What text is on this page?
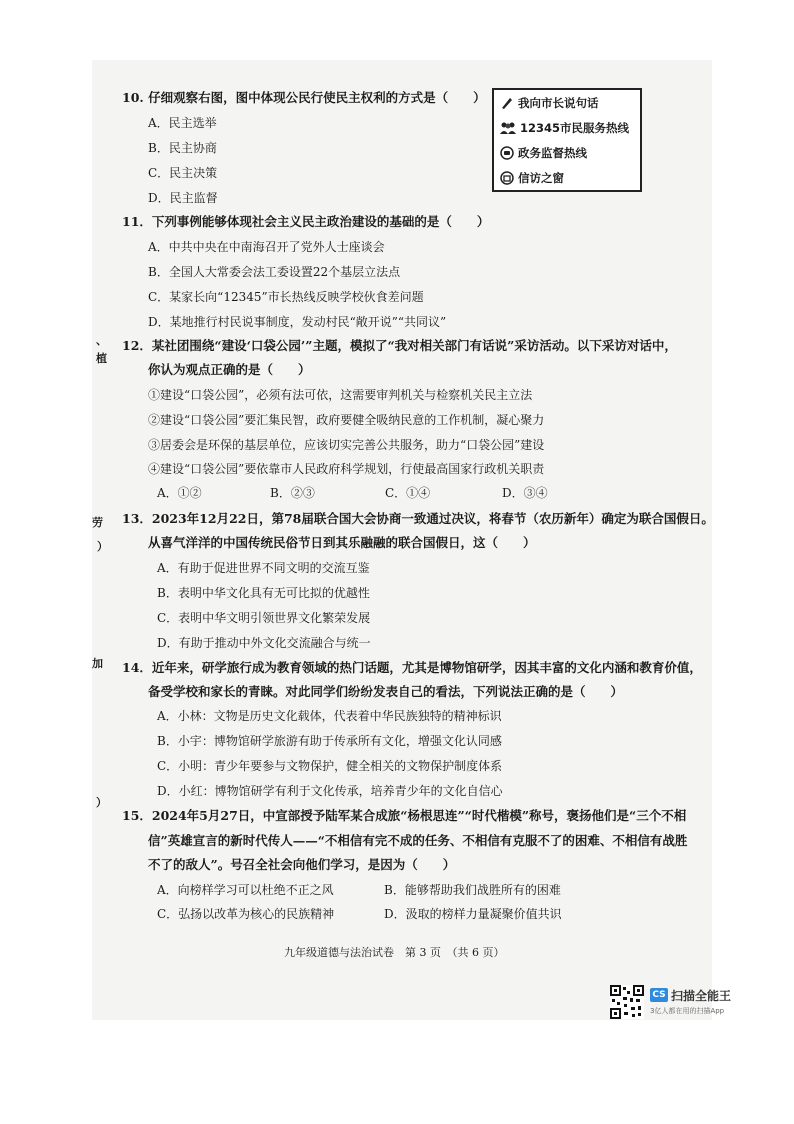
、
植
劳
）
加
）
10. 仔细观察右图，图中体现公民行使民主权利的方式是（　　）
A．民主选举
B．民主协商
C．民主决策
D．民主监督
我向市长说句话
12345市民服务热线
政务监督热线
信访之窗
11．下列事例能够体现社会主义民主政治建设的基础的是（　　）
A．中共中央在中南海召开了党外人士座谈会
B．全国人大常委会法工委设置22个基层立法点
C．某家长向“12345”市长热线反映学校伙食差问题
D．某地推行村民说事制度，发动村民“敞开说”“共同议”
12．某社团围绕“建设‘口袋公园’”主题，模拟了“我对相关部门有话说”采访活动。以下采访对话中，
你认为观点正确的是（　　）
①建设“口袋公园”，必须有法可依，这需要审判机关与检察机关民主立法
②建设“口袋公园”要汇集民智，政府要健全吸纳民意的工作机制，凝心聚力
③居委会是环保的基层单位，应该切实完善公共服务，助力“口袋公园”建设
④建设“口袋公园”要依靠市人民政府科学规划，行使最高国家行政机关职责
A．①②	B．②③	C．①④	D．③④
13．2023年12月22日，第78届联合国大会协商一致通过决议，将春节（农历新年）确定为联合国假日。
从喜气洋洋的中国传统民俗节日到其乐融融的联合国假日，这（　　）
A．有助于促进世界不同文明的交流互鉴
B．表明中华文化具有无可比拟的优越性
C．表明中华文明引领世界文化繁荣发展
D．有助于推动中外文化交流融合与统一
14．近年来，研学旅行成为教育领域的热门话题，尤其是博物馆研学，因其丰富的文化内涵和教育价值，
备受学校和家长的青睐。对此同学们纷纷发表自己的看法，下列说法正确的是（　　）
A．小林：文物是历史文化载体，代表着中华民族独特的精神标识
B．小宇：博物馆研学旅游有助于传承所有文化，增强文化认同感
C．小明：青少年要参与文物保护，健全相关的文物保护制度体系
D．小红：博物馆研学有利于文化传承，培养青少年的文化自信心
15．2024年5月27日，中宣部授予陆军某合成旅“杨根思连”“时代楷模”称号，褒扬他们是“三个不相
信”英雄宣言的新时代传人——“不相信有完不成的任务、不相信有克服不了的困难、不相信有战胜
不了的敌人”。号召全社会向他们学习，是因为（　　）
A．向榜样学习可以杜绝不正之风	B．能够帮助我们战胜所有的困难
C．弘扬以改革为核心的民族精神	D．汲取的榜样力量凝聚价值共识
九年级道德与法治试卷　第 3 页　（共 6 页）
CS 扫描全能王
3亿人都在用的扫描App
